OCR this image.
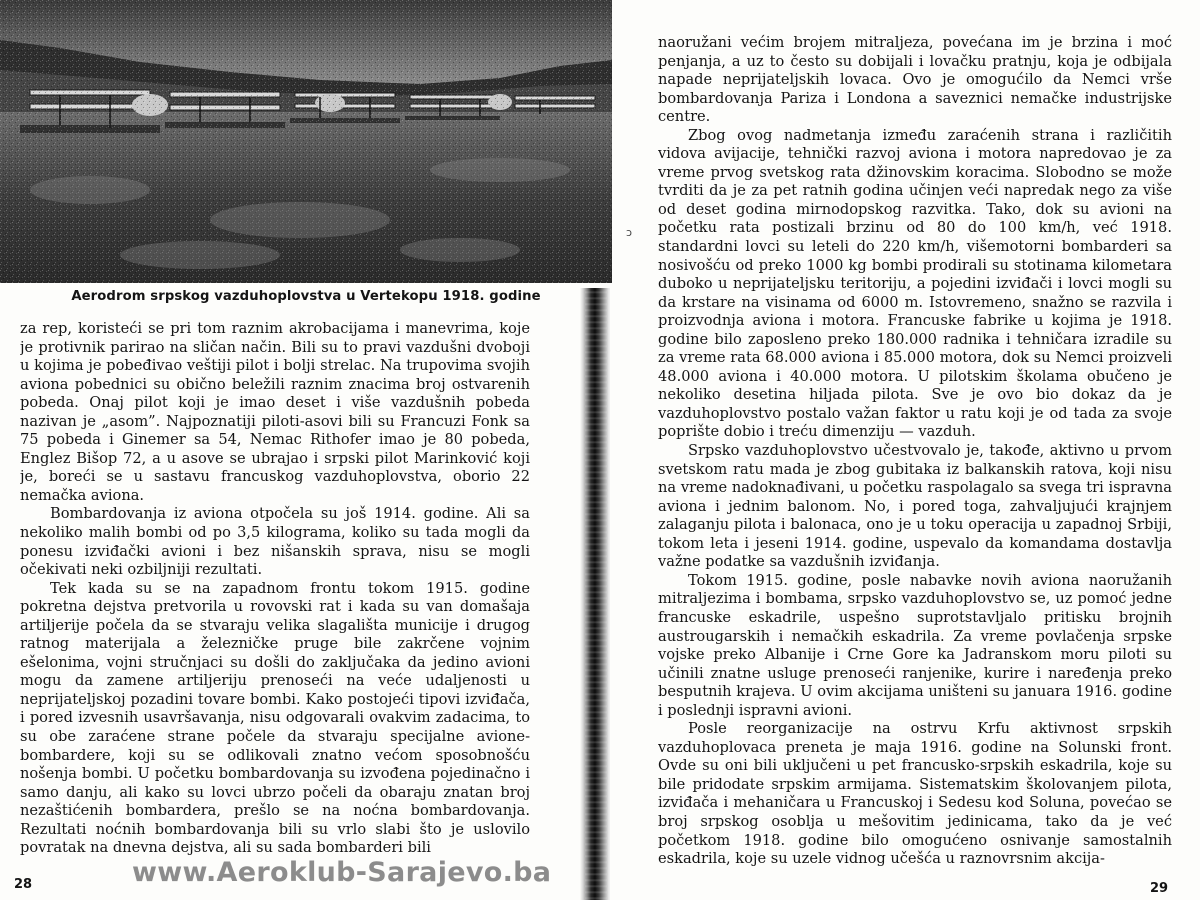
Aerodrom srpskog vazduhoplovstva u Vertekopu 1918. godine

za rep, koristeći se pri tom raznim akrobacijama i manevrima, koje je protivnik parirao na sličan način. Bili su to pravi vazdušni dvoboji u kojima je pobeđivao veštiji pilot i bolji strelac. Na trupovima svojih aviona pobednici su obično beležili raznim znacima broj ostvarenih pobeda. Onaj pilot koji je imao deset i više vazdušnih pobeda nazivan je „asom”. Najpoznatiji piloti-asovi bili su Francuzi Fonk sa 75 pobeda i Ginemer sa 54, Nemac Rithofer imao je 80 pobeda, Englez Bišop 72, a u asove se ubrajao i srpski pilot Marinković koji je, boreći se u sastavu francuskog vazduhoplovstva, oborio 22 nemačka aviona.

Bombardovanja iz aviona otpočela su još 1914. godine. Ali sa nekoliko malih bombi od po 3,5 kilograma, koliko su tada mogli da ponesu izviđački avioni i bez nišanskih sprava, nisu se mogli očekivati neki ozbiljniji rezultati.

Tek kada su se na zapadnom frontu tokom 1915. godine pokretna dejstva pretvorila u rovovski rat i kada su van domašaja artiljerije počela da se stvaraju velika slagališta municije i drugog ratnog materijala a železničke pruge bile zakrčene vojnim ešelonima, vojni stručnjaci su došli do zaključaka da jedino avioni mogu da zamene artiljeriju prenoseći na veće udaljenosti u neprijateljskoj pozadini tovare bombi. Kako postojeći tipovi izviđača, i pored izvesnih usavršavanja, nisu odgovarali ovakvim zadacima, to su obe zaraćene strane počele da stvaraju specijalne avione-bombardere, koji su se odlikovali znatno većom sposobnošću nošenja bombi. U početku bombardovanja su izvođena pojedinačno i samo danju, ali kako su lovci ubrzo počeli da obaraju znatan broj nezaštićenih bombardera, prešlo se na noćna bombardovanja. Rezultati noćnih bombardovanja bili su vrlo slabi što je uslovilo povratak na dnevna dejstva, ali su sada bombarderi bili

28	www.Aeroklub-Sarajevo.ba
ɔ

naoružani većim brojem mitraljeza, povećana im je brzina i moć penjanja, a uz to često su dobijali i lovačku pratnju, koja je odbijala napade neprijateljskih lovaca. Ovo je omogućilo da Nemci vrše bombardovanja Pariza i Londona a saveznici nemačke industrijske centre.

Zbog ovog nadmetanja između zaraćenih strana i različitih vidova avijacije, tehnički razvoj aviona i motora napredovao je za vreme prvog svetskog rata džinovskim koracima. Slobodno se može tvrditi da je za pet ratnih godina učinjen veći napredak nego za više od deset godina mirnodopskog razvitka. Tako, dok su avioni na početku rata postizali brzinu od 80 do 100 km/h, već 1918. standardni lovci su leteli do 220 km/h, višemotorni bombarderi sa nosivošću od preko 1000 kg bombi prodirali su stotinama kilometara duboko u neprijateljsku teritoriju, a pojedini izviđači i lovci mogli su da krstare na visinama od 6000 m. Istovremeno, snažno se razvila i proizvodnja aviona i motora. Francuske fabrike u kojima je 1918. godine bilo zaposleno preko 180.000 radnika i tehničara izradile su za vreme rata 68.000 aviona i 85.000 motora, dok su Nemci proizveli 48.000 aviona i 40.000 motora. U pilotskim školama obučeno je nekoliko desetina hiljada pilota. Sve je ovo bio dokaz da je vazduhoplovstvo postalo važan faktor u ratu koji je od tada za svoje poprište dobio i treću dimenziju — vazduh.

Srpsko vazduhoplovstvo učestvovalo je, takođe, aktivno u prvom svetskom ratu mada je zbog gubitaka iz balkanskih ratova, koji nisu na vreme nadoknađivani, u početku raspolagalo sa svega tri ispravna aviona i jednim balonom. No, i pored toga, zahvaljujući krajnjem zalaganju pilota i balonaca, ono je u toku operacija u zapadnoj Srbiji, tokom leta i jeseni 1914. godine, uspevalo da komandama dostavlja važne podatke sa vazdušnih izviđanja.

Tokom 1915. godine, posle nabavke novih aviona naoružanih mitraljezima i bombama, srpsko vazduhoplovstvo se, uz pomoć jedne francuske eskadrile, uspešno suprotstavljalo pritisku brojnih austrougarskih i nemačkih eskadrila. Za vreme povlačenja srpske vojske preko Albanije i Crne Gore ka Jadranskom moru piloti su učinili znatne usluge prenoseći ranjenike, kurire i naređenja preko besputnih krajeva. U ovim akcijama uništeni su januara 1916. godine i poslednji ispravni avioni.

Posle reorganizacije na ostrvu Krfu aktivnost srpskih vazduhoplovaca preneta je maja 1916. godine na Solunski front. Ovde su oni bili uključeni u pet francusko-srpskih eskadrila, koje su bile pridodate srpskim armijama. Sistematskim školovanjem pilota, izviđača i mehaničara u Francuskoj i Sedesu kod Soluna, povećao se broj srpskog osoblja u mešovitim jedinicama, tako da je već početkom 1918. godine bilo omogućeno osnivanje samostalnih eskadrila, koje su uzele vidnog učešća u raznovrsnim akcija-

29
